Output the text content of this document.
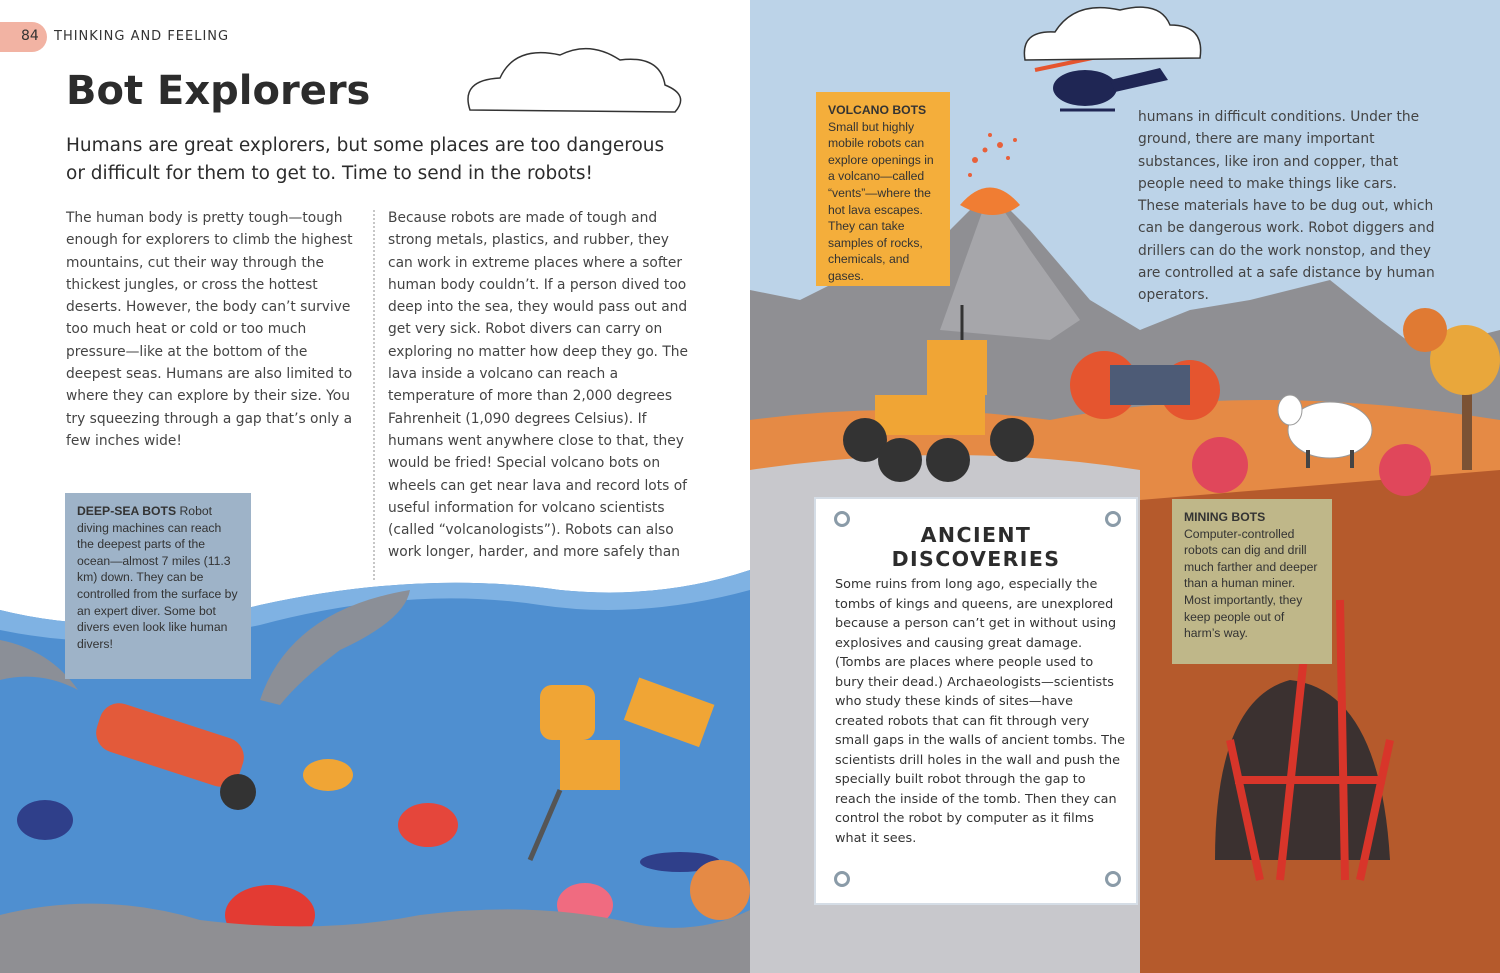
84 THINKING AND FEELING
Bot Explorers

Humans are great explorers, but some places are too dangerous or difficult for them to get to. Time to send in the robots!

The human body is pretty tough—tough enough for explorers to climb the highest mountains, cut their way through the thickest jungles, or cross the hottest deserts. However, the body can’t survive too much heat or cold or too much pressure—like at the bottom of the deepest seas. Humans are also limited to where they can explore by their size. You try squeezing through a gap that’s only a few inches wide!

Because robots are made of tough and strong metals, plastics, and rubber, they can work in extreme places where a softer human body couldn’t. If a person dived too deep into the sea, they would pass out and get very sick. Robot divers can carry on exploring no matter how deep they go. The lava inside a volcano can reach a temperature of more than 2,000 degrees Fahrenheit (1,090 degrees Celsius). If humans went anywhere close to that, they would be fried! Special volcano bots on wheels can get near lava and record lots of useful information for volcano scientists (called “volcanologists”). Robots can also work longer, harder, and more safely than

humans in difficult conditions. Under the ground, there are many important substances, like iron and copper, that people need to make things like cars. These materials have to be dug out, which can be dangerous work. Robot diggers and drillers can do the work nonstop, and they are controlled at a safe distance by human operators.

DEEP-SEA BOTS Robot diving machines can reach the deepest parts of the ocean—almost 7 miles (11.3 km) down. They can be controlled from the surface by an expert diver. Some bot divers even look like human divers!
VOLCANO BOTS Small but highly mobile robots can explore openings in a volcano—called “vents”—where the hot lava escapes. They can take samples of rocks, chemicals, and gases.
MINING BOTS
Computer-controlled robots can dig and drill much farther and deeper than a human miner. Most importantly, they keep people out of harm’s way.
ANCIENT DISCOVERIES

Some ruins from long ago, especially the tombs of kings and queens, are unexplored because a person can’t get in without using explosives and causing great damage. (Tombs are places where people used to bury their dead.) Archaeologists—scientists who study these kinds of sites—have created robots that can fit through very small gaps in the walls of ancient tombs. The scientists drill holes in the wall and push the specially built robot through the gap to reach the inside of the tomb. Then they can control the robot by computer as it films what it sees.
